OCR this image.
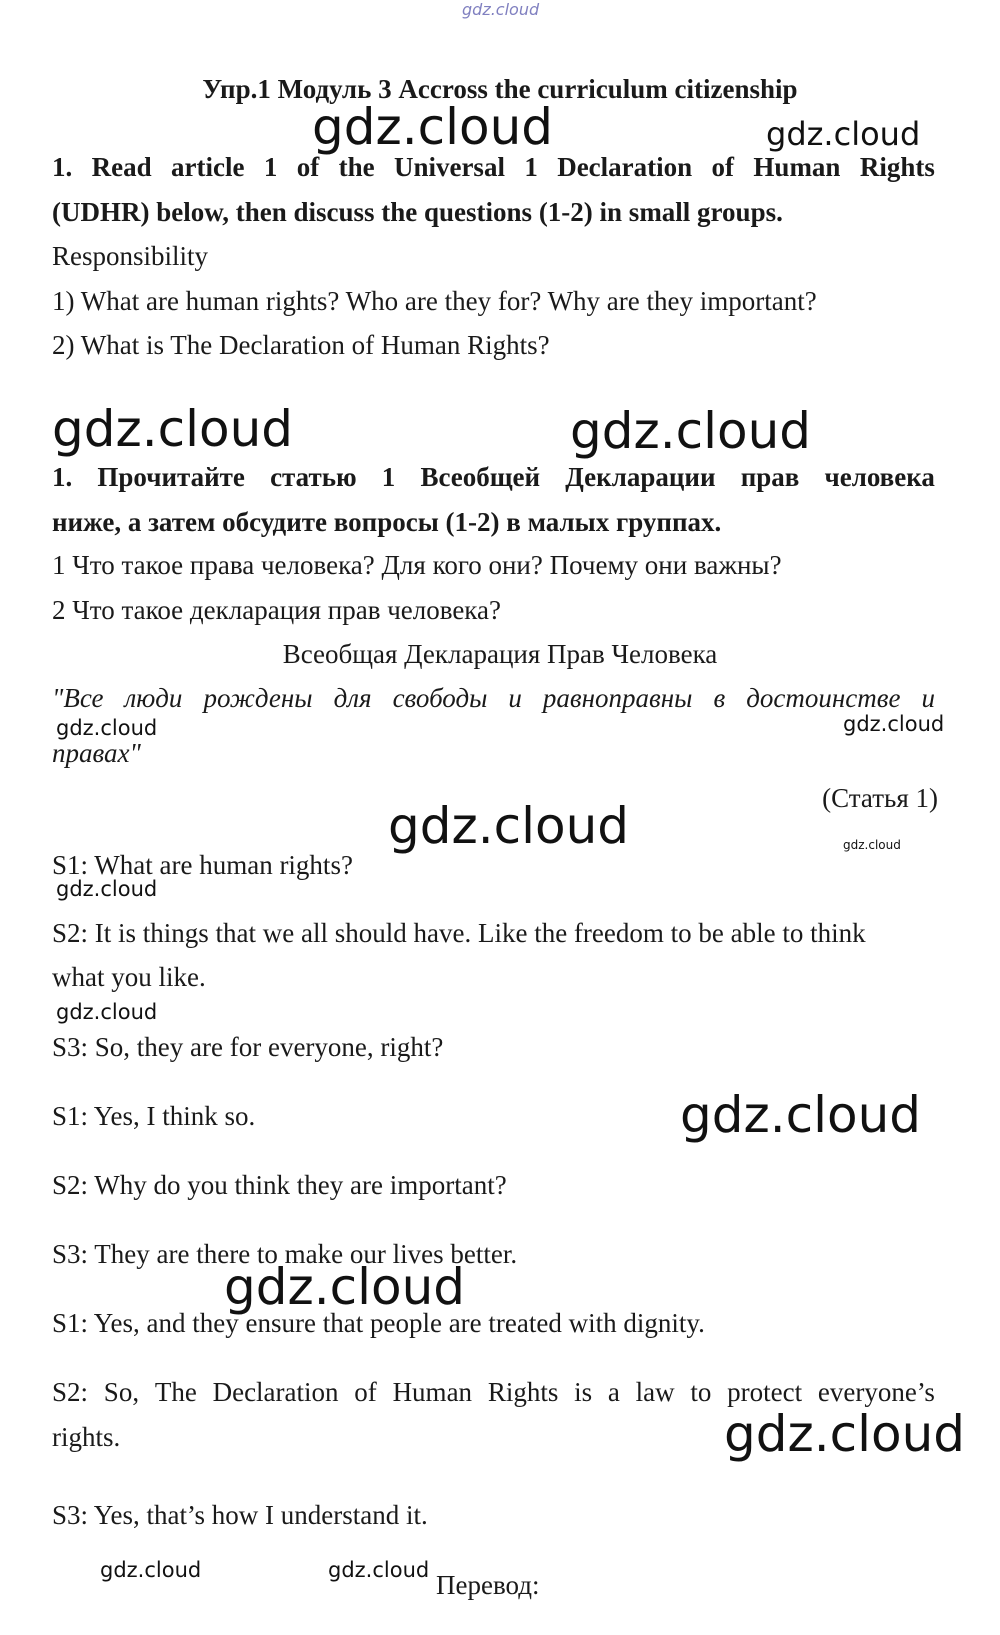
gdz.cloud
Упр.1 Модуль 3 Accross the curriculum citizenship
gdz.cloud	gdz.cloud
1. Read article 1 of the Universal 1 Declaration of Human Rights
(UDHR) below, then discuss the questions (1-2) in small groups.
Responsibility
1) What are human rights? Who are they for? Why are they important?
2) What is The Declaration of Human Rights?
gdz.cloud	gdz.cloud
1. Прочитайте статью 1 Всеобщей Декларации прав человека
ниже, а затем обсудите вопросы (1-2) в малых группах.
1 Что такое права человека? Для кого они? Почему они важны?
2 Что такое декларация прав человека?
Всеобщая Декларация Прав Человека
"Все люди рождены для свободы и равноправны в достоинстве и
gdz.cloud	gdz.cloud
правах"
(Статья 1)
gdz.cloud	gdz.cloud
S1: What are human rights?
gdz.cloud
S2: It is things that we all should have. Like the freedom to be able to think
what you like.
gdz.cloud
S3: So, they are for everyone, right?
S1: Yes, I think so.	gdz.cloud
S2: Why do you think they are important?
S3: They are there to make our lives better.
gdz.cloud
S1: Yes, and they ensure that people are treated with dignity.
S2: So, The Declaration of Human Rights is a law to protect everyone’s
rights.	gdz.cloud
S3: Yes, that’s how I understand it.
gdz.cloud	gdz.cloud Перевод:
